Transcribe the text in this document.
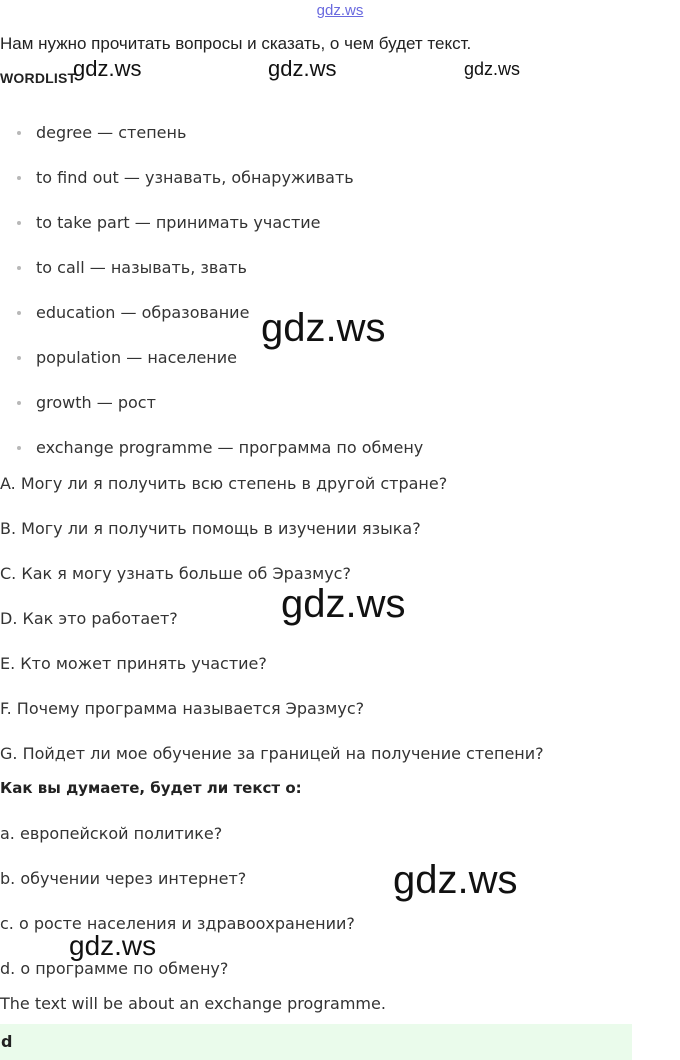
gdz.ws
Нам нужно прочитать вопросы и сказать, о чем будет текст.
WORDLIST
gdz.ws	gdz.ws	gdz.ws
gdz.ws
gdz.ws
gdz.ws
gdz.ws
degree — степень
to find out — узнавать, обнаруживать
to take part — принимать участие
to call — называть, звать
education — образование
population — население
growth — рост
exchange programme — программа по обмену
A. Могу ли я получить всю степень в другой стране?
B. Могу ли я получить помощь в изучении языка?
C. Как я могу узнать больше об Эразмус?
D. Как это работает?
E. Кто может принять участие?
F. Почему программа называется Эразмус?
G. Пойдет ли мое обучение за границей на получение степени?
Как вы думаете, будет ли текст о:
a. европейской политике?
b. обучении через интернет?
c. о росте населения и здравоохранении?
d. о программе по обмену?
The text will be about an exchange programme.
d
